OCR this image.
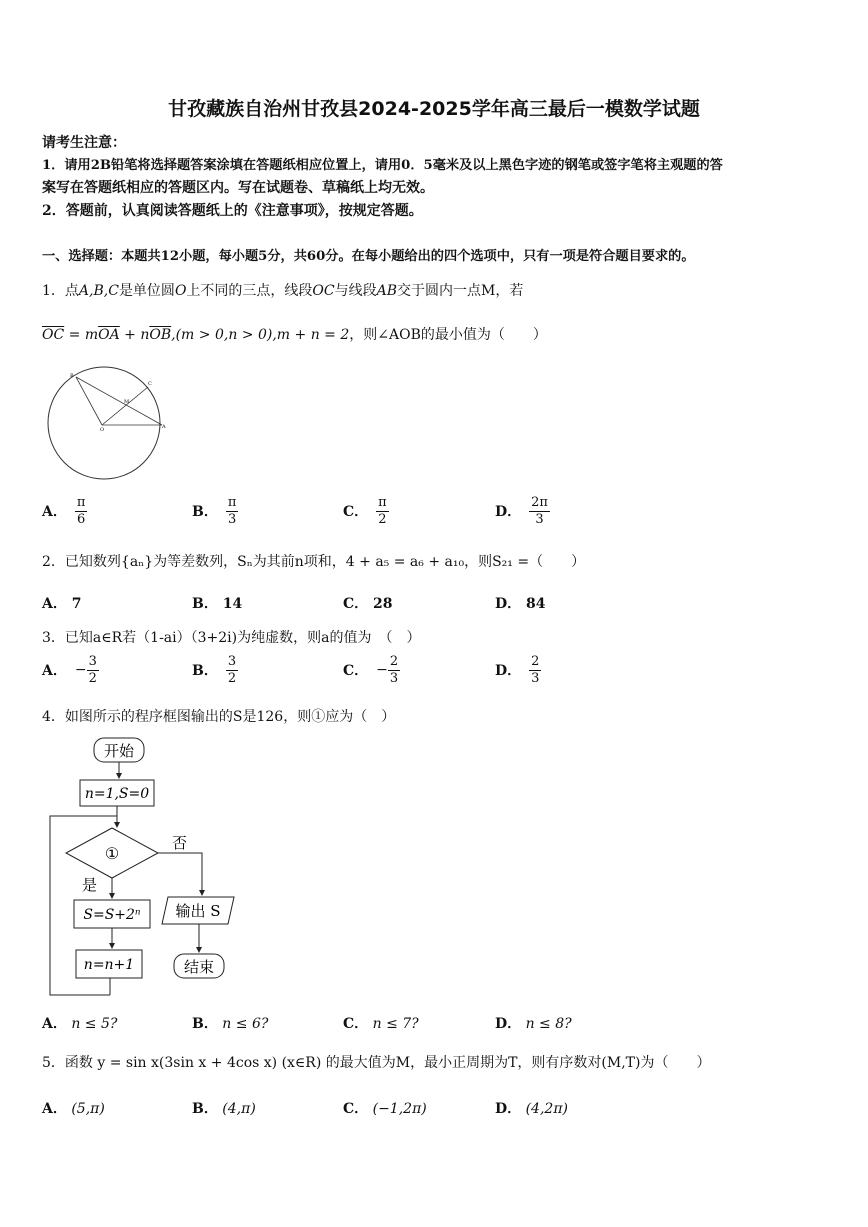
甘孜藏族自治州甘孜县2024-2025学年高三最后一模数学试题
请考生注意：
1．请用2B铅笔将选择题答案涂填在答题纸相应位置上，请用0．5毫米及以上黑色字迹的钢笔或签字笔将主观题的答
案写在答题纸相应的答题区内。写在试题卷、草稿纸上均无效。
2．答题前，认真阅读答题纸上的《注意事项》，按规定答题。
一、选择题：本题共12小题，每小题5分，共60分。在每小题给出的四个选项中，只有一项是符合题目要求的。
1．点A,B,C是单位圆O上不同的三点，线段OC与线段AB交于圆内一点M，若
$\overline{OC} = m\overline{OA} + n\overline{OB},(m > 0,n > 0),m + n = 2$，则∠AOB的最小值为（　　）
B
C
M
O	A
A． $\frac{\pi}{6}$	B． $\frac{\pi}{3}$	C． $\frac{\pi}{2}$	D． $\frac{2\pi}{3}$
2．已知数列{aₙ}为等差数列，Sₙ为其前n项和，4 + a₅ = a₆ + a₁₀，则S₂₁ =（　　）
A． 7	B． 14	C． 28	D． 84
3．已知a∈R若（1-ai）（3+2i)为纯虚数，则a的值为　（　）
A． − $\frac{3}{2}$	B． $\frac{3}{2}$	C． − $\frac{2}{3}$	D． $\frac{2}{3}$
4．如图所示的程序框图输出的S是126，则①应为（　）
开始
n=1,S=0
①
否
是
S=S+2ⁿ
n=n+1
输出 S
结束
A． n ≤ 5?	B． n ≤ 6?	C． n ≤ 7?	D． n ≤ 8?
5．函数 y = sin x(3sin x + 4cos x) (x∈R) 的最大值为M，最小正周期为T，则有序数对(M,T)为（　　）
A． (5,π)	B． (4,π)	C． (−1,2π)	D． (4,2π)
